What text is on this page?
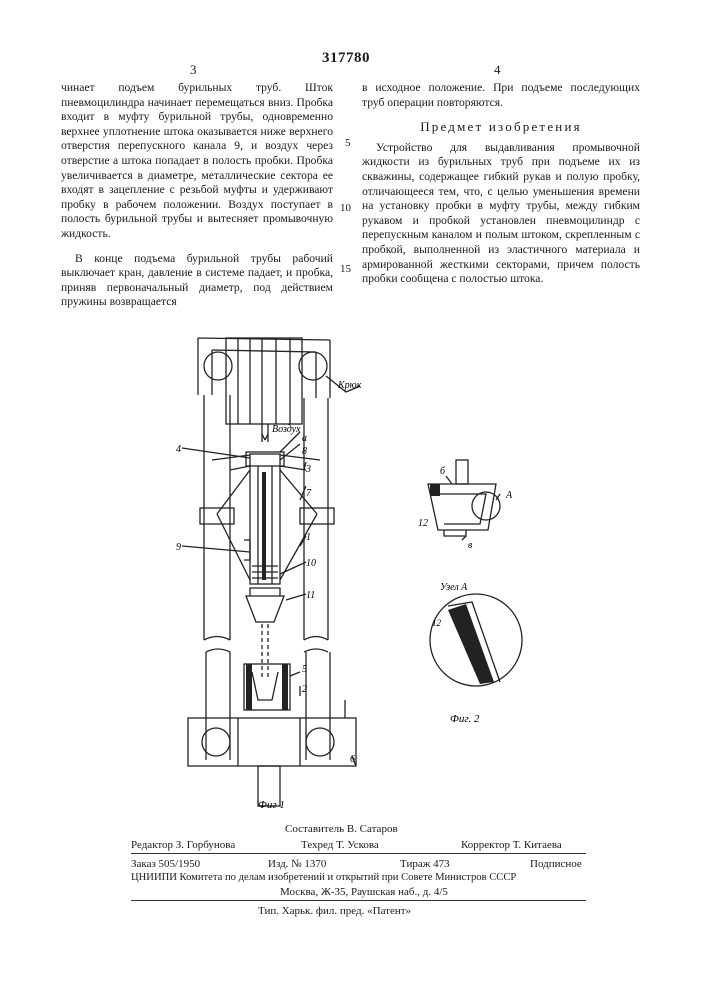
317780
3	4

чинает подъем бурильных труб. Шток пневмоцилиндра начинает перемещаться вниз. Пробка входит в муфту бурильной трубы, одновременно верхнее уплотнение штока оказывается ниже верхнего отверстия перепускного канала 9, и воздух через отверстие а штока попадает в полость пробки. Пробка увеличивается в диаметре, металлические сектора ее входят в зацепление с резьбой муфты и удерживают пробку в рабочем положении. Воздух поступает в полость бурильной трубы и вытесняет промывочную жидкость.

В конце подъема бурильной трубы рабочий выключает кран, давление в системе падает, и пробка, приняв первоначальный диаметр, под действием пружины возвращается

5
10
15

в исходное положение. При подъеме последующих труб операции повторяются.

Предмет изобретения

Устройство для выдавливания промывочной жидкости из бурильных труб при подъеме их из скважины, содержащее гибкий рукав и полую пробку, отличающееся тем, что, с целью уменьшения времени на установку пробки в муфту трубы, между гибким рукавом и пробкой установлен пневмоцилиндр с перепускным каналом и полым штоком, скрепленным с пробкой, выполненной из эластичного материала и армированной жесткими секторами, причем полость пробки сообщена с полостью штока.

Крюк
Воздух
а
8
3
7
1
10
11
5
2
6
4
9
Фиг 1
б
А
12
в
Узел А
12
Фиг. 2
Составитель В. Сатаров
Редактор З. Горбунова	Техред Т. Ускова	Корректор Т. Китаева
Заказ 505/1950	Изд. № 1370	Тираж 473	Подписное
ЦНИИПИ Комитета по делам изобретений и открытий при Совете Министров СССР
Москва, Ж-35, Раушская наб., д. 4/5
Тип. Харьк. фил. пред. «Патент»
